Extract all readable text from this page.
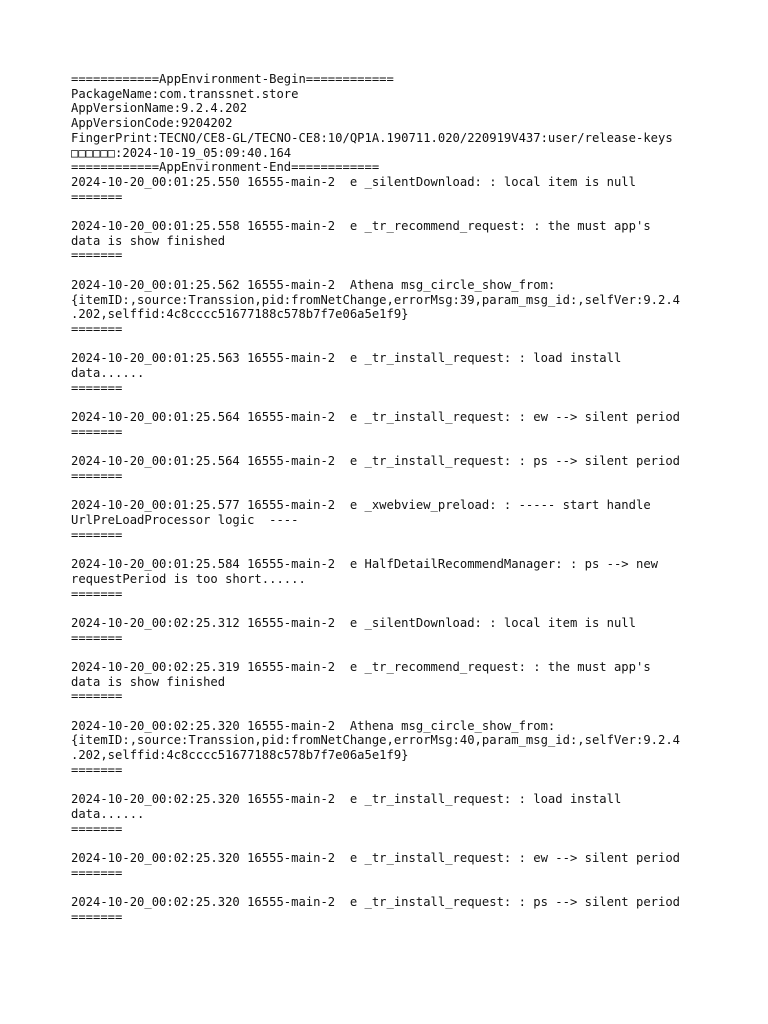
============AppEnvironment-Begin============
PackageName:com.transsnet.store
AppVersionName:9.2.4.202
AppVersionCode:9204202
FingerPrint:TECNO/CE8-GL/TECNO-CE8:10/QP1A.190711.020/220919V437:user/release-keys
□□□□□□:2024-10-19_05:09:40.164
============AppEnvironment-End============
2024-10-20_00:01:25.550 16555-main-2  e _silentDownload: : local item is null
=======
2024-10-20_00:01:25.558 16555-main-2  e _tr_recommend_request: : the must app's
data is show finished
=======
2024-10-20_00:01:25.562 16555-main-2  Athena msg_circle_show_from:
{itemID:,source:Transsion,pid:fromNetChange,errorMsg:39,param_msg_id:,selfVer:9.2.4
.202,selffid:4c8cccc51677188c578b7f7e06a5e1f9}
=======
2024-10-20_00:01:25.563 16555-main-2  e _tr_install_request: : load install
data......
=======
2024-10-20_00:01:25.564 16555-main-2  e _tr_install_request: : ew --> silent period
=======
2024-10-20_00:01:25.564 16555-main-2  e _tr_install_request: : ps --> silent period
=======
2024-10-20_00:01:25.577 16555-main-2  e _xwebview_preload: : ----- start handle
UrlPreLoadProcessor logic  ----
=======
2024-10-20_00:01:25.584 16555-main-2  e HalfDetailRecommendManager: : ps --> new
requestPeriod is too short......
=======
2024-10-20_00:02:25.312 16555-main-2  e _silentDownload: : local item is null
=======
2024-10-20_00:02:25.319 16555-main-2  e _tr_recommend_request: : the must app's
data is show finished
=======
2024-10-20_00:02:25.320 16555-main-2  Athena msg_circle_show_from:
{itemID:,source:Transsion,pid:fromNetChange,errorMsg:40,param_msg_id:,selfVer:9.2.4
.202,selffid:4c8cccc51677188c578b7f7e06a5e1f9}
=======
2024-10-20_00:02:25.320 16555-main-2  e _tr_install_request: : load install
data......
=======
2024-10-20_00:02:25.320 16555-main-2  e _tr_install_request: : ew --> silent period
=======
2024-10-20_00:02:25.320 16555-main-2  e _tr_install_request: : ps --> silent period
=======
